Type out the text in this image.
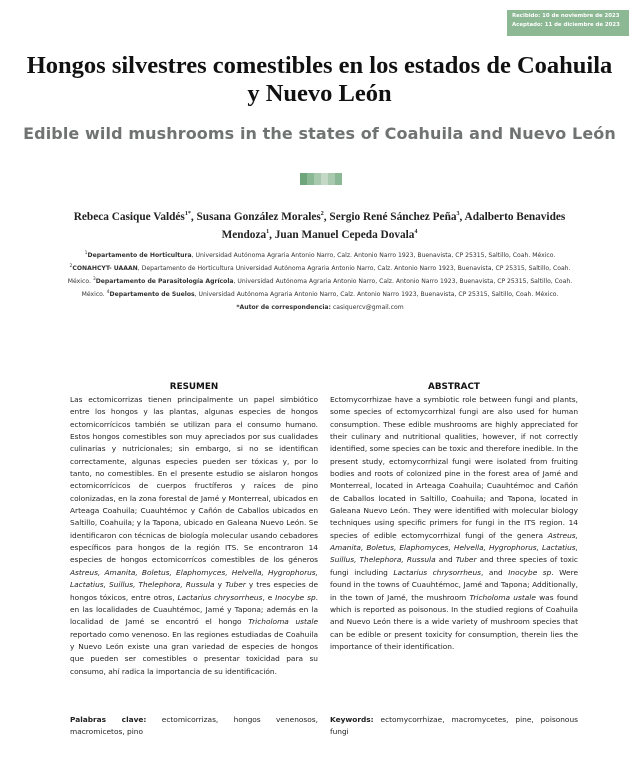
Recibido: 10 de noviembre de 2023
Aceptado: 11 de diciembre de 2023
Hongos silvestres comestibles en los estados de Coahuila y Nuevo León
Edible wild mushrooms in the states of Coahuila and Nuevo León
Rebeca Casique Valdés$^{1*}$, Susana González Morales$^2$, Sergio René Sánchez Peña$^3$, Adalberto Benavides Mendoza$^1$, Juan Manuel Cepeda Dovala$^4$
$^1$Departamento de Horticultura, Universidad Autónoma Agraria Antonio Narro, Calz. Antonio Narro 1923, Buenavista, CP 25315, Saltillo, Coah. México. $^2$CONAHCYT- UAAAN, Departamento de Horticultura Universidad Autónoma Agraria Antonio Narro, Calz. Antonio Narro 1923, Buenavista, CP 25315, Saltillo, Coah. México. $^3$Departamento de Parasitología Agrícola, Universidad Autónoma Agraria Antonio Narro, Calz. Antonio Narro 1923, Buenavista, CP 25315, Saltillo, Coah. México. $^4$Departamento de Suelos, Universidad Autónoma Agraria Antonio Narro, Calz. Antonio Narro 1923, Buenavista, CP 25315, Saltillo, Coah. México.
*Autor de correspondencia: casiquercv@gmail.com
RESUMEN
Las ectomicorrizas tienen principalmente un papel simbiótico entre los hongos y las plantas, algunas especies de hongos ectomicorrícicos también se utilizan para el consumo humano. Estos hongos comestibles son muy apreciados por sus cualidades culinarias y nutricionales; sin embargo, si no se identifican correctamente, algunas especies pueden ser tóxicas y, por lo tanto, no comestibles. En el presente estudio se aislaron hongos ectomicorrícicos de cuerpos fructíferos y raíces de pino colonizadas, en la zona forestal de Jamé y Monterreal, ubicados en Arteaga Coahuila; Cuauhtémoc y Cañón de Caballos ubicados en Saltillo, Coahuila; y la Tapona, ubicado en Galeana Nuevo León. Se identificaron con técnicas de biología molecular usando cebadores específicos para hongos de la región ITS. Se encontraron 14 especies de hongos ectomicorrícos comestibles de los géneros Astreus, Amanita, Boletus, Elaphomyces, Helvella, Hygrophorus, Lactatius, Suillus, Thelephora, Russula y Tuber y tres especies de hongos tóxicos, entre otros, Lactarius chrysorrheus, e Inocybe sp. en las localidades de Cuauhtémoc, Jamé y Tapona; además en la localidad de Jamé se encontró el hongo Tricholoma ustale reportado como venenoso. En las regiones estudiadas de Coahuila y Nuevo León existe una gran variedad de especies de hongos que pueden ser comestibles o presentar toxicidad para su consumo, ahí radica la importancia de su identificación.
ABSTRACT
Ectomycorrhizae have a symbiotic role between fungi and plants, some species of ectomycorrhizal fungi are also used for human consumption. These edible mushrooms are highly appreciated for their culinary and nutritional qualities, however, if not correctly identified, some species can be toxic and therefore inedible. In the present study, ectomycorrhizal fungi were isolated from fruiting bodies and roots of colonized pine in the forest area of Jamé and Monterreal, located in Arteaga Coahuila; Cuauhtémoc and Cañón de Caballos located in Saltillo, Coahuila; and Tapona, located in Galeana Nuevo León. They were identified with molecular biology techniques using specific primers for fungi in the ITS region. 14 species of edible ectomycorrhizal fungi of the genera Astreus, Amanita, Boletus, Elaphomyces, Helvella, Hygrophorus, Lactatius, Suillus, Thelephora, Russula and Tuber and three species of toxic fungi including Lactarius chrysorrheus, and Inocybe sp. Were found in the towns of Cuauhtémoc, Jamé and Tapona; Additionally, in the town of Jamé, the mushroom Tricholoma ustale was found which is reported as poisonous. In the studied regions of Coahuila and Nuevo León there is a wide variety of mushroom species that can be edible or present toxicity for consumption, therein lies the importance of their identification.
Palabras clave: ectomicorrizas, hongos venenosos, macromicetos, pino
Keywords: ectomycorrhizae, macromycetes, pine, poisonous fungi
